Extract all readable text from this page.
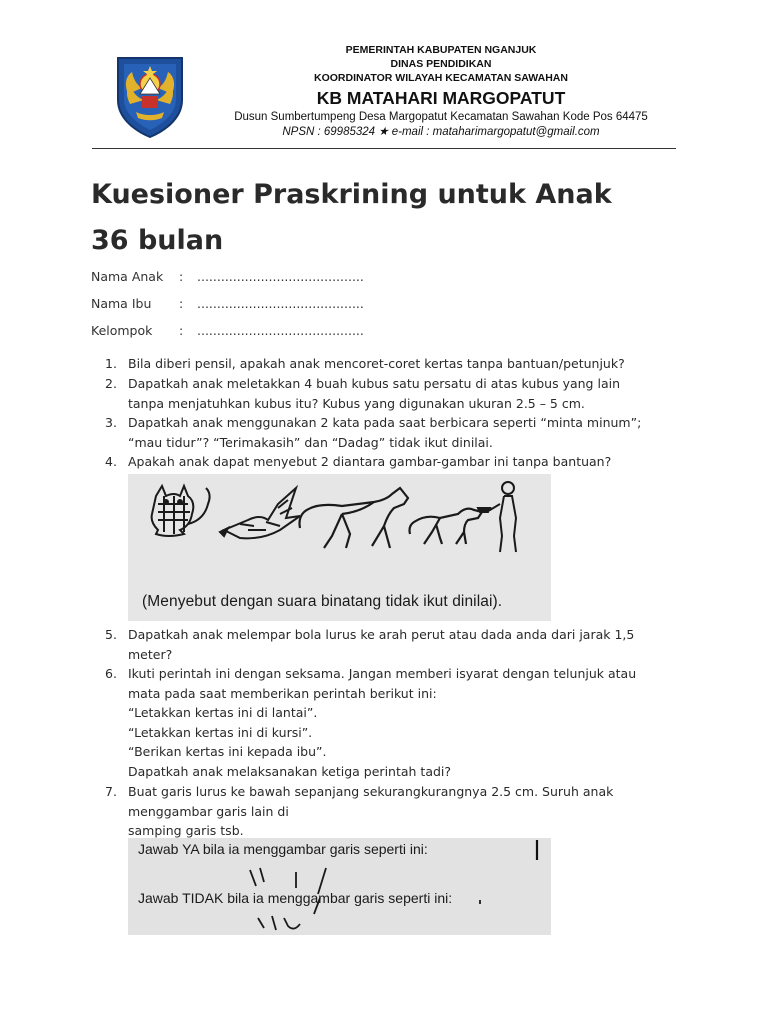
PEMERINTAH KABUPATEN NGANJUK
DINAS PENDIDIKAN
KOORDINATOR WILAYAH KECAMATAN SAWAHAN
KB MATAHARI MARGOPATUT
Dusun Sumbertumpeng Desa Margopatut Kecamatan Sawahan Kode Pos 64475
NPSN : 69985324 ★ e-mail : mataharimargopatut@gmail.com
Kuesioner Praskrining untuk Anak
36 bulan
Nama Anak : ..........................................
Nama Ibu : ..........................................
Kelompok : ..........................................
1. Bila diberi pensil, apakah anak mencoret-coret kertas tanpa bantuan/petunjuk?
2. Dapatkah anak meletakkan 4 buah kubus satu persatu di atas kubus yang lain
tanpa menjatuhkan kubus itu? Kubus yang digunakan ukuran 2.5 – 5 cm.
3. Dapatkah anak menggunakan 2 kata pada saat berbicara seperti “minta minum”;
“mau tidur”? “Terimakasih” dan “Dadag” tidak ikut dinilai.
4. Apakah anak dapat menyebut 2 diantara gambar-gambar ini tanpa bantuan?
(Menyebut dengan suara binatang tidak ikut dinilai).
5. Dapatkah anak melempar bola lurus ke arah perut atau dada anda dari jarak 1,5
meter?
6. Ikuti perintah ini dengan seksama. Jangan memberi isyarat dengan telunjuk atau
mata pada saat memberikan perintah berikut ini:
“Letakkan kertas ini di lantai”.
“Letakkan kertas ini di kursi”.
“Berikan kertas ini kepada ibu”.
Dapatkah anak melaksanakan ketiga perintah tadi?
7. Buat garis lurus ke bawah sepanjang sekurangkurangnya 2.5 cm. Suruh anak
menggambar garis lain di
samping garis tsb.
Jawab YA bila ia menggambar garis seperti ini:
Jawab TIDAK bila ia menggambar garis seperti ini:
